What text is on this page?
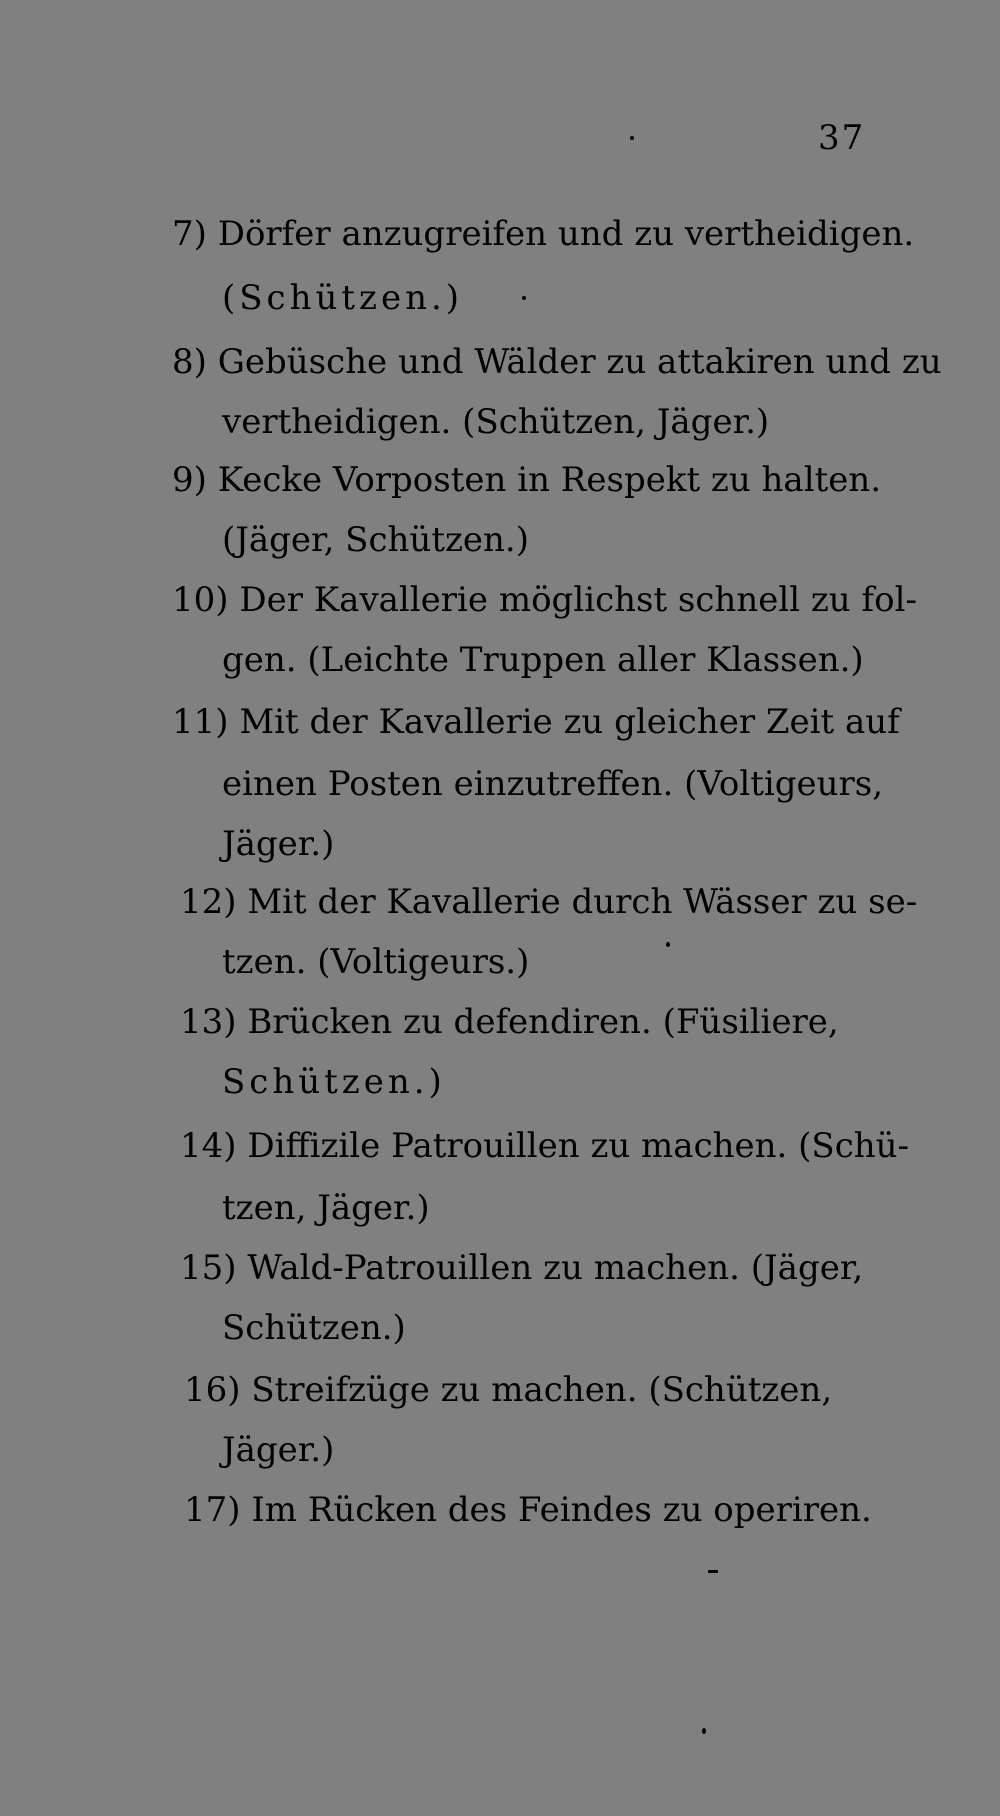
37
7) Dörfer anzugreifen und zu vertheidigen.
(Schützen.)
8) Gebüsche und Wälder zu attakiren und zu
vertheidigen. (Schützen, Jäger.)
9) Kecke Vorposten in Respekt zu halten.
(Jäger, Schützen.)
10) Der Kavallerie möglichst schnell zu fol-
gen. (Leichte Truppen aller Klassen.)
11) Mit der Kavallerie zu gleicher Zeit auf
einen Posten einzutreffen. (Voltigeurs,
Jäger.)
12) Mit der Kavallerie durch Wässer zu se-
tzen. (Voltigeurs.)
13) Brücken zu defendiren. (Füsiliere,
Schützen.)
14) Diffizile Patrouillen zu machen. (Schü-
tzen, Jäger.)
15) Wald-Patrouillen zu machen. (Jäger,
Schützen.)
16) Streifzüge zu machen. (Schützen,
Jäger.)
17) Im Rücken des Feindes zu operiren.
